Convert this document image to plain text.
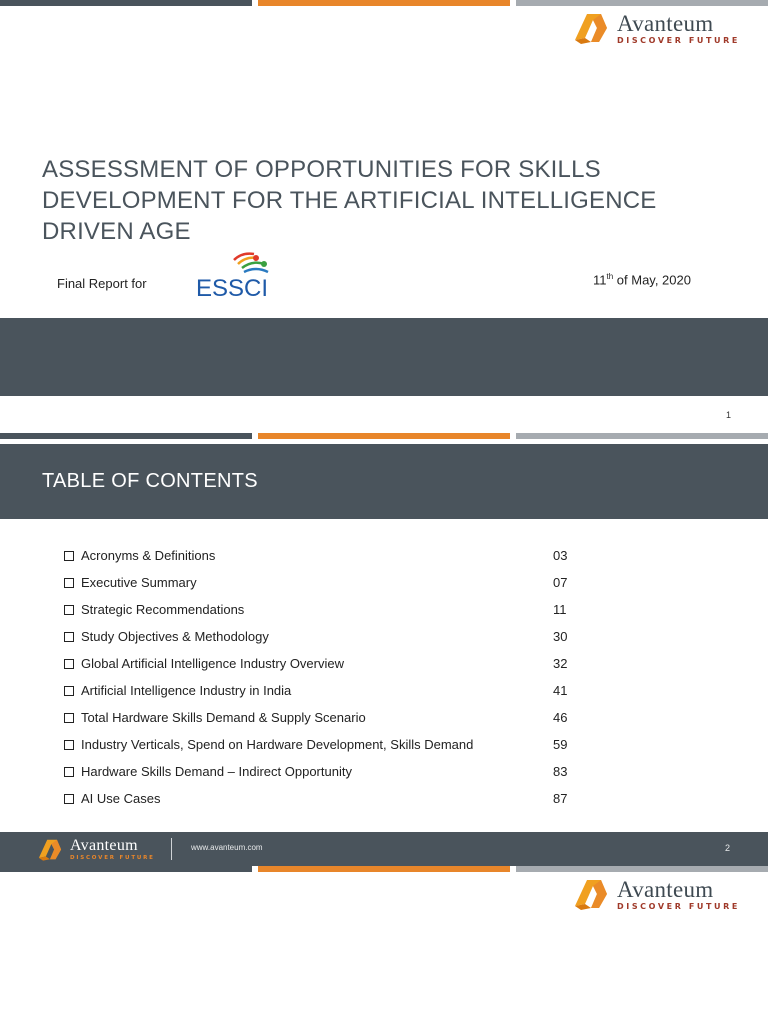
Avanteum
DISCOVER FUTURE
ASSESSMENT OF OPPORTUNITIES FOR SKILLS
DEVELOPMENT FOR THE ARTIFICIAL INTELLIGENCE
DRIVEN AGE
Final Report for ESSCI	11th of May, 2020
1
TABLE OF CONTENTS
Acronyms & Definitions	03
Executive Summary	07
Strategic Recommendations	11
Study Objectives & Methodology	30
Global Artificial Intelligence Industry Overview	32
Artificial Intelligence Industry in India	41
Total Hardware Skills Demand & Supply Scenario	46
Industry Verticals, Spend on Hardware Development, Skills Demand	59
Hardware Skills Demand – Indirect Opportunity	83
AI Use Cases	87
Avanteum
DISCOVER FUTURE
www.avanteum.com	2
Avanteum
DISCOVER FUTURE
